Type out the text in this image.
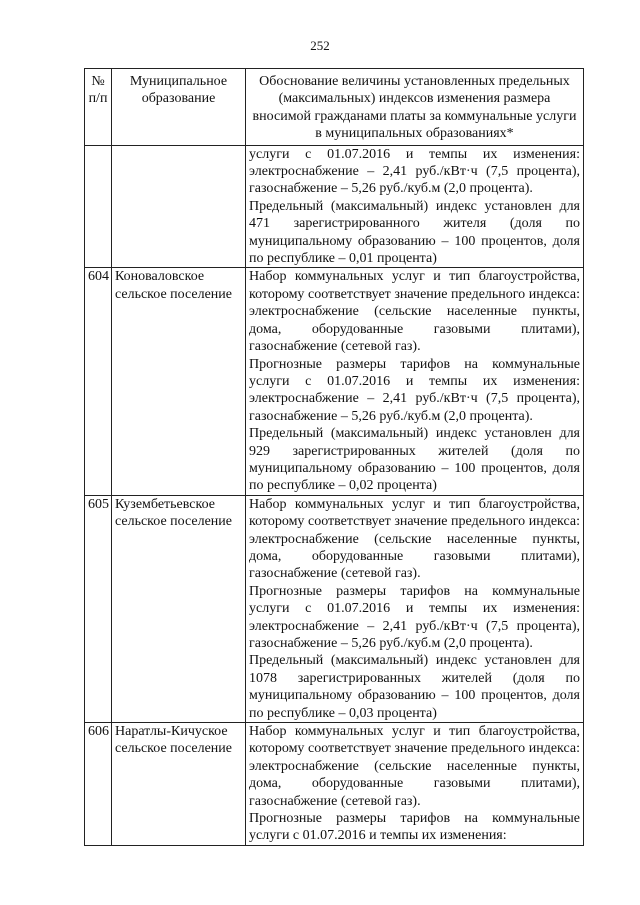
252
№ п/п	Муниципальное образование	Обоснование величины установленных предельных (максимальных) индексов изменения размера вносимой гражданами платы за коммунальные услуги в муниципальных образованиях*

		услуги с 01.07.2016 и темпы их изменения: электроснабжение – 2,41 руб./кВт·ч (7,5 процента), газоснабжение – 5,26 руб./куб.м (2,0 процента).
Предельный (максимальный) индекс установлен для 471 зарегистрированного жителя (доля по муниципальному образованию – 100 процентов, доля по республике – 0,01 процента)

604	Коноваловское сельское поселение	Набор коммунальных услуг и тип благоустройства, которому соответствует значение предельного индекса: электроснабжение (сельские населенные пункты, дома, оборудованные газовыми плитами), газоснабжение (сетевой газ).
Прогнозные размеры тарифов на коммунальные услуги с 01.07.2016 и темпы их изменения: электроснабжение – 2,41 руб./кВт·ч (7,5 процента), газоснабжение – 5,26 руб./куб.м (2,0 процента).
Предельный (максимальный) индекс установлен для 929 зарегистрированных жителей (доля по муниципальному образованию – 100 процентов, доля по республике – 0,02 процента)

605	Кузембетьевское сельское поселение	Набор коммунальных услуг и тип благоустройства, которому соответствует значение предельного индекса: электроснабжение (сельские населенные пункты, дома, оборудованные газовыми плитами), газоснабжение (сетевой газ).
Прогнозные размеры тарифов на коммунальные услуги с 01.07.2016 и темпы их изменения: электроснабжение – 2,41 руб./кВт·ч (7,5 процента), газоснабжение – 5,26 руб./куб.м (2,0 процента).
Предельный (максимальный) индекс установлен для 1078 зарегистрированных жителей (доля по муниципальному образованию – 100 процентов, доля по республике – 0,03 процента)

606	Наратлы-Кичуское сельское поселение	Набор коммунальных услуг и тип благоустройства, которому соответствует значение предельного индекса: электроснабжение (сельские населенные пункты, дома, оборудованные газовыми плитами), газоснабжение (сетевой газ).
Прогнозные размеры тарифов на коммунальные услуги с 01.07.2016 и темпы их изменения:
